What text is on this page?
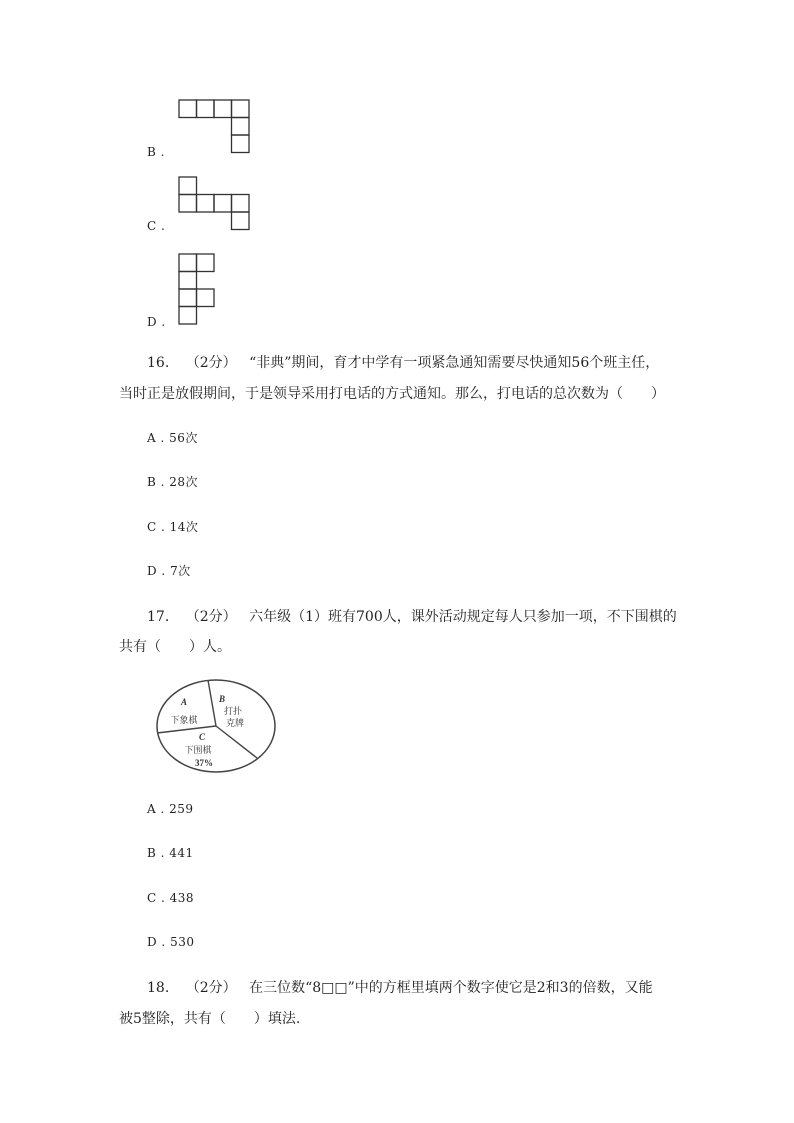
B .
C .
D .
16. （2分） “非典”期间，育才中学有一项紧急通知需要尽快通知56个班主任，
当时正是放假期间，于是领导采用打电话的方式通知。那么，打电话的总次数为（　　）
A . 56次
B . 28次
C . 14次
D . 7次
17. （2分） 六年级（1）班有700人，课外活动规定每人只参加一项，不下围棋的
共有（　　）人。
A
下象棋
B
打扑
克牌
C
下围棋
37%
A . 259
B . 441
C . 438
D . 530
18. （2分） 在三位数“8□□”中的方框里填两个数字使它是2和3的倍数，又能
被5整除，共有（　　）填法.
